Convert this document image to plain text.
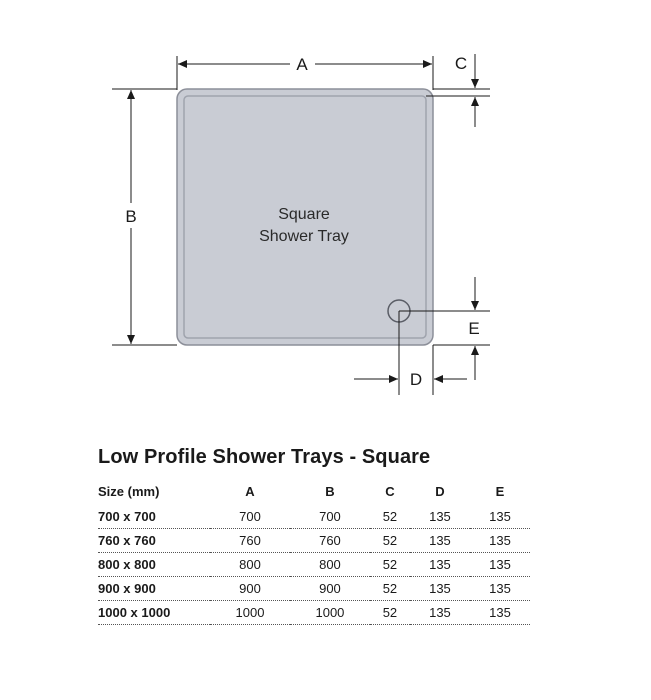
Square
Shower Tray
A
B
C
E
D
Low Profile Shower Trays - Square
Size (mm)	A	B	C	D	E
700 x 700	700	700	52	135	135
760 x 760	760	760	52	135	135
800 x 800	800	800	52	135	135
900 x 900	900	900	52	135	135
1000 x 1000	1000	1000	52	135	135
